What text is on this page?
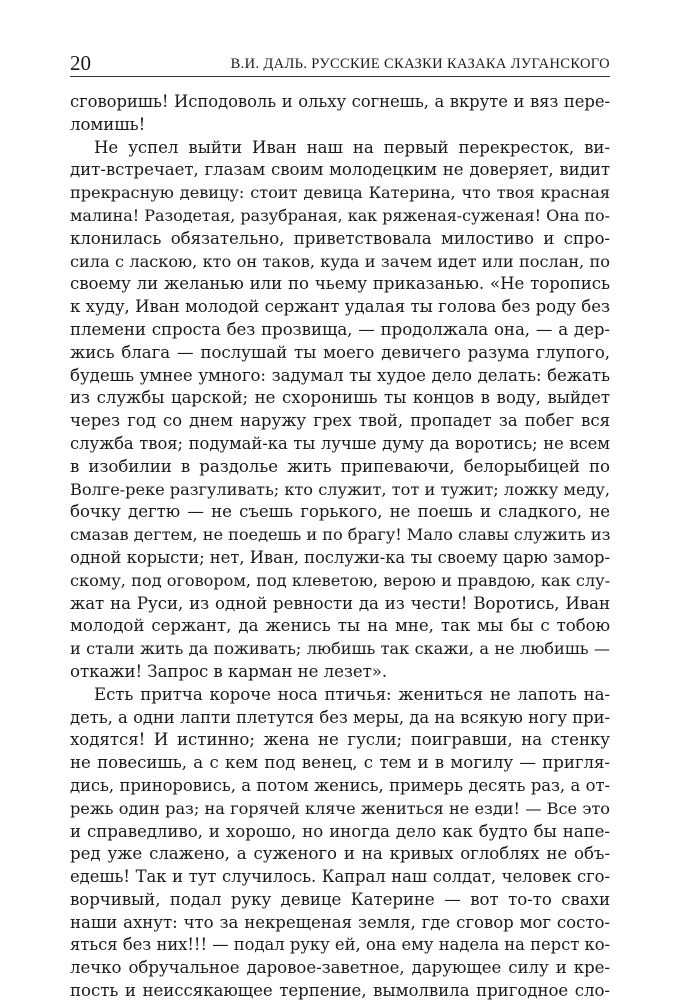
20	В.И. ДАЛЬ. РУССКИЕ СКАЗКИ КАЗАКА ЛУГАНСКОГО
сговоришь! Исподоволь и ольху согнешь, а вкруте и вяз пере-
ломишь!
Не успел выйти Иван наш на первый перекресток, ви-
дит-встречает, глазам своим молодецким не доверяет, видит
прекрасную девицу: стоит девица Катерина, что твоя красная
малина! Разодетая, разубраная, как ряженая-суженая! Она по-
клонилась обязательно, приветствовала милостиво и спро-
сила с ласкою, кто он таков, куда и зачем идет или послан, по
своему ли желанью или по чьему приказанью. «Не торопись
к худу, Иван молодой сержант удалая ты голова без роду без
племени спроста без прозвища, — продолжала она, — а дер-
жись блага — послушай ты моего девичего разума глупого,
будешь умнее умного: задумал ты худое дело делать: бежать
из службы царской; не схоронишь ты концов в воду, выйдет
через год со днем наружу грех твой, пропадет за побег вся
служба твоя; подумай-ка ты лучше думу да воротись; не всем
в изобилии в раздолье жить припеваючи, белорыбицей по
Волге-реке разгуливать; кто служит, тот и тужит; ложку меду,
бочку дегтю — не съешь горького, не поешь и сладкого, не
смазав дегтем, не поедешь и по брагу! Мало славы служить из
одной корысти; нет, Иван, послужи-ка ты своему царю замор-
скому, под оговором, под клеветою, верою и правдою, как слу-
жат на Руси, из одной ревности да из чести! Воротись, Иван
молодой сержант, да женись ты на мне, так мы бы с тобою
и стали жить да поживать; любишь так скажи, а не любишь —
откажи! Запрос в карман не лезет».
Есть притча короче носа птичья: жениться не лапоть на-
деть, а одни лапти плетутся без меры, да на всякую ногу при-
ходятся! И истинно; жена не гусли; поигравши, на стенку
не повесишь, а с кем под венец, с тем и в могилу — пригля-
дись, приноровись, а потом женись, примерь десять раз, а от-
режь один раз; на горячей кляче жениться не езди! — Все это
и справедливо, и хорошо, но иногда дело как будто бы напе-
ред уже слажено, а суженого и на кривых оглоблях не объ-
едешь! Так и тут случилось. Капрал наш солдат, человек сго-
ворчивый, подал руку девице Катерине — вот то-то свахи
наши ахнут: что за некрещеная земля, где сговор мог состо-
яться без них!!! — подал руку ей, она ему надела на перст ко-
лечко обручальное даровое-заветное, дарующее силу и кре-
пость и неиссякающее терпение, вымолвила пригодное сло-
